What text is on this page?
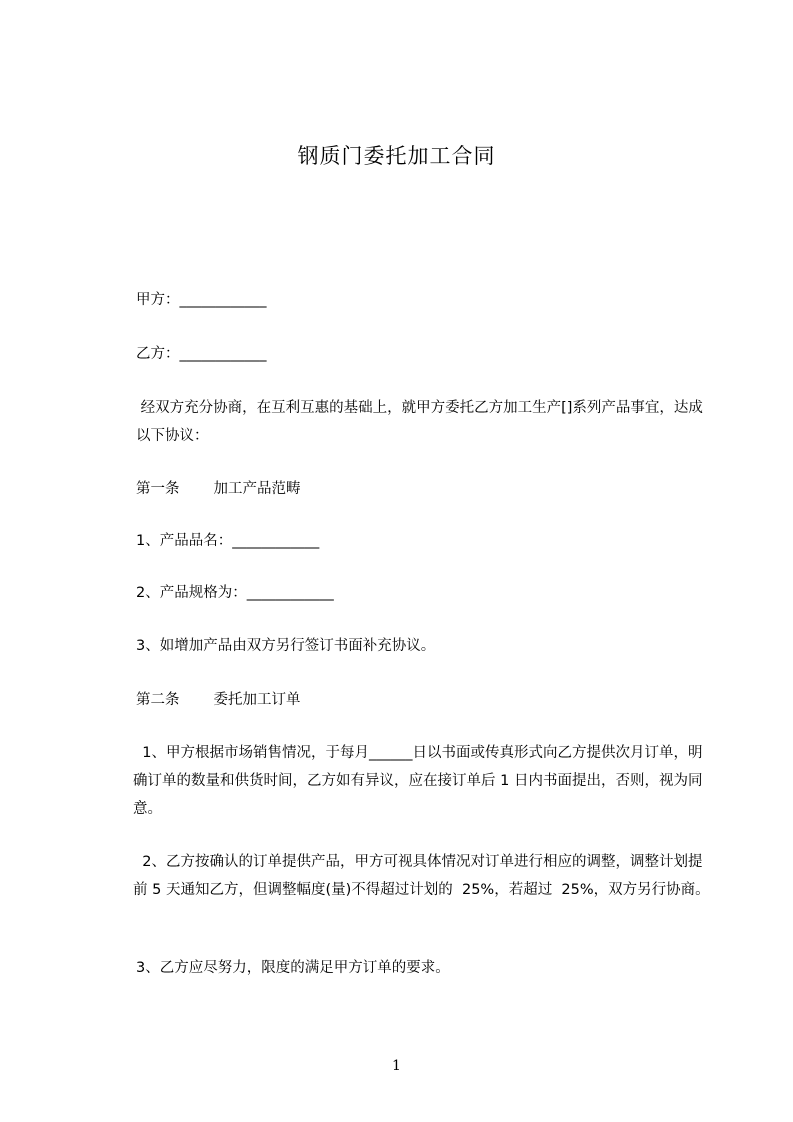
钢质门委托加工合同
甲方：____________
乙方：____________
经双方充分协商，在互利互惠的基础上，就甲方委托乙方加工生产[]系列产品事宜，达成以下协议：
第一条 加工产品范畴
1、产品品名：____________
2、产品规格为：____________
3、如增加产品由双方另行签订书面补充协议。
第二条 委托加工订单
1、甲方根据市场销售情况，于每月______日以书面或传真形式向乙方提供次月订单，明确订单的数量和供货时间，乙方如有异议，应在接订单后 1 日内书面提出，否则，视为同意。
2、乙方按确认的订单提供产品，甲方可视具体情况对订单进行相应的调整，调整计划提前 5 天通知乙方，但调整幅度(量)不得超过计划的  25%，若超过  25%，双方另行协商。
3、乙方应尽努力，限度的满足甲方订单的要求。
1
